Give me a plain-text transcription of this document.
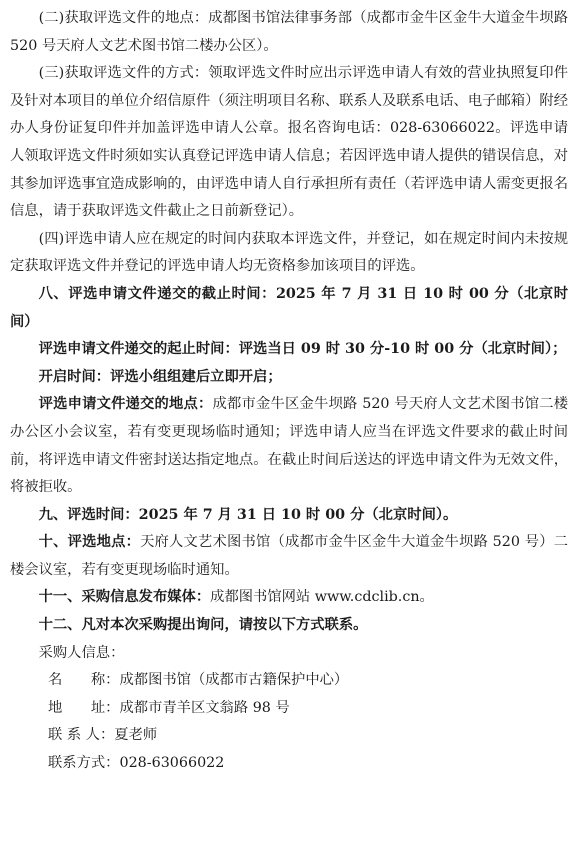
(二)获取评选文件的地点：成都图书馆法律事务部（成都市金牛区金牛大道金牛坝路 520 号天府人文艺术图书馆二楼办公区）。

(三)获取评选文件的方式：领取评选文件时应出示评选申请人有效的营业执照复印件及针对本项目的单位介绍信原件（须注明项目名称、联系人及联系电话、电子邮箱）附经办人身份证复印件并加盖评选申请人公章。报名咨询电话：028-63066022。评选申请人领取评选文件时须如实认真登记评选申请人信息；若因评选申请人提供的错误信息，对其参加评选事宜造成影响的，由评选申请人自行承担所有责任（若评选申请人需变更报名信息，请于获取评选文件截止之日前新登记）。

(四)评选申请人应在规定的时间内获取本评选文件，并登记，如在规定时间内未按规定获取评选文件并登记的评选申请人均无资格参加该项目的评选。

八、评选申请文件递交的截止时间：2025 年 7 月 31 日 10 时 00 分（北京时间）

评选申请文件递交的起止时间：评选当日 09 时 30 分-10 时 00 分（北京时间）；

开启时间：评选小组组建后立即开启；

评选申请文件递交的地点：成都市金牛区金牛坝路 520 号天府人文艺术图书馆二楼办公区小会议室，若有变更现场临时通知；评选申请人应当在评选文件要求的截止时间前，将评选申请文件密封送达指定地点。在截止时间后送达的评选申请文件为无效文件，将被拒收。

九、评选时间：2025 年 7 月 31 日 10 时 00 分（北京时间）。

十、评选地点：天府人文艺术图书馆（成都市金牛区金牛大道金牛坝路 520 号）二楼会议室，若有变更现场临时通知。

十一、采购信息发布媒体：成都图书馆网站 www.cdclib.cn。

十二、凡对本次采购提出询问，请按以下方式联系。

采购人信息：

名　　称：成都图书馆（成都市古籍保护中心）

地　　址：成都市青羊区文翁路 98 号

联 系 人：夏老师

联系方式：028-63066022
